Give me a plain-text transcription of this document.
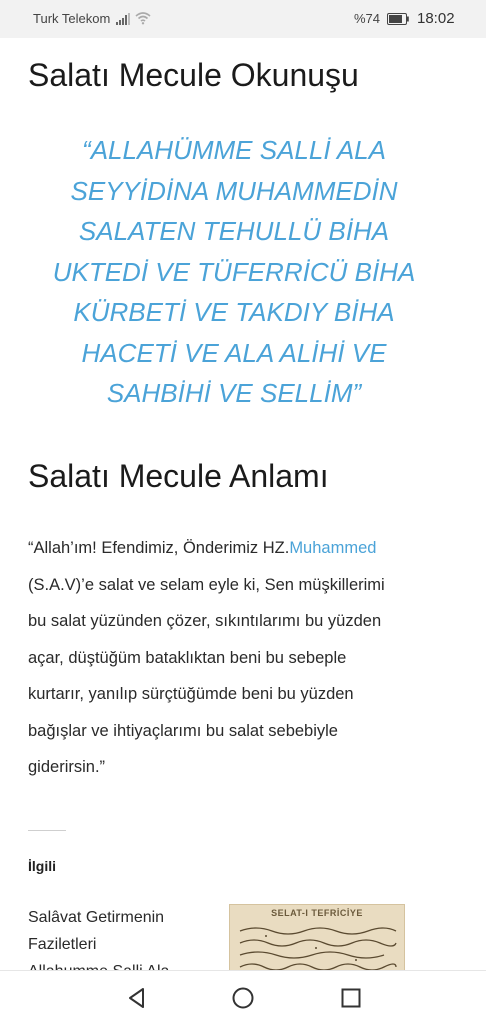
Turk Telekom	%74 18:02
Salatı Mecule Okunuşu
“ALLAHÜMME SALLİ ALA
SEYYİDİNA MUHAMMEDİN
SALATEN TEHULLÜ BİHA
UKTEDİ VE TÜFERRİCÜ BİHA
KÜRBETİ VE TAKDIY BİHA
HACETİ VE ALA ALİHİ VE
SAHBİHİ VE SELLİM”
Salatı Mecule Anlamı
“Allah’ım! Efendimiz, Önderimiz HZ.Muhammed
(S.A.V)’e salat ve selam eyle ki, Sen müşkillerimi
bu salat yüzünden çözer, sıkıntılarımı bu yüzden
açar, düştüğüm bataklıktan beni bu sebeple
kurtarır, yanılıp sürçtüğümde beni bu yüzden
bağışlar ve ihtiyaçlarımı bu salat sebebiyle
giderirsin.”
İlgili
Salâvat Getirmenin
Faziletleri
SELAT-I TEFRİCİYE
